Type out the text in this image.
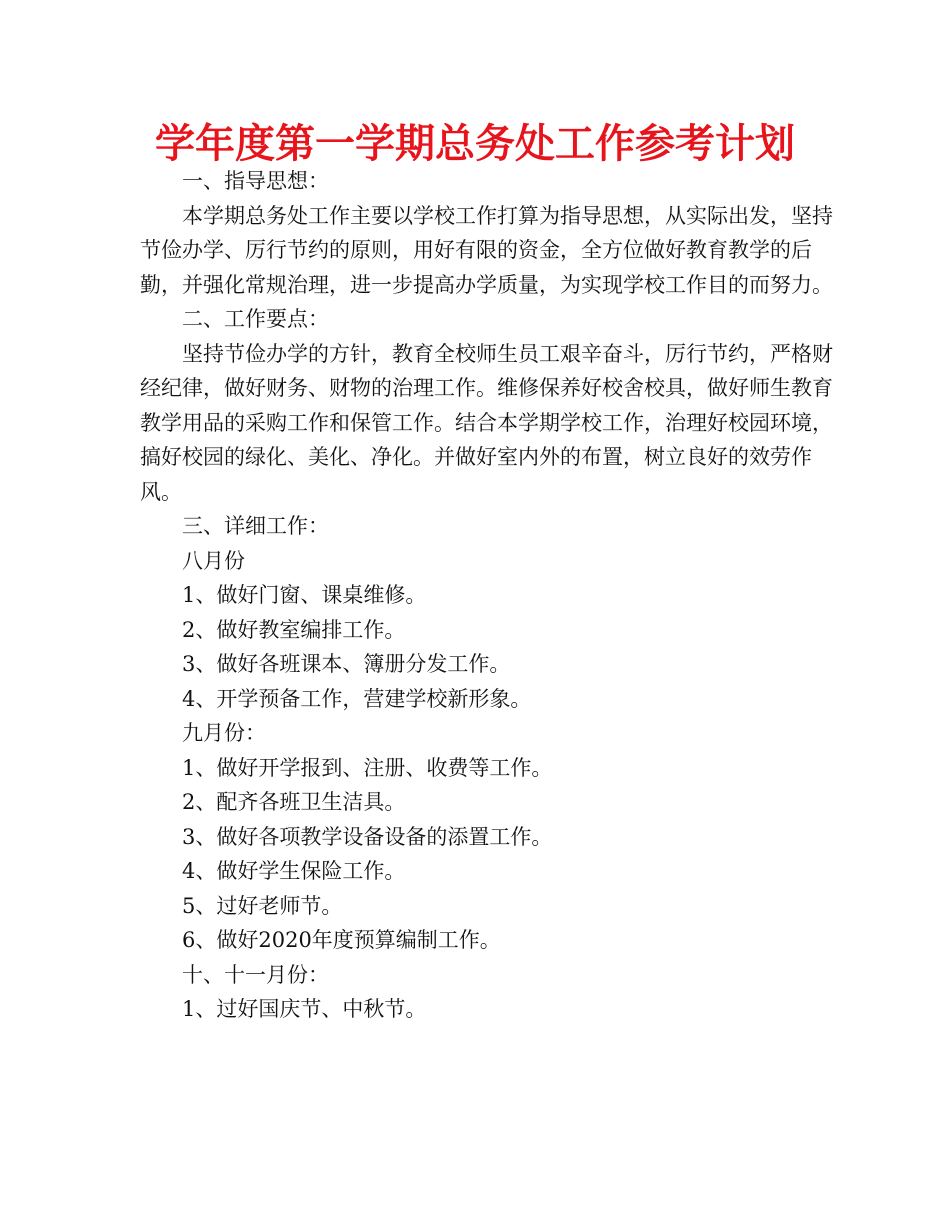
学年度第一学期总务处工作参考计划

一、指导思想：

本学期总务处工作主要以学校工作打算为指导思想，从实际出发，坚持节俭办学、厉行节约的原则，用好有限的资金，全方位做好教育教学的后勤，并强化常规治理，进一步提高办学质量，为实现学校工作目的而努力。

二、工作要点：

坚持节俭办学的方针，教育全校师生员工艰辛奋斗，厉行节约，严格财经纪律，做好财务、财物的治理工作。维修保养好校舍校具，做好师生教育教学用品的采购工作和保管工作。结合本学期学校工作，治理好校园环境，搞好校园的绿化、美化、净化。并做好室内外的布置，树立良好的效劳作风。

三、详细工作：

八月份

1、做好门窗、课桌维修。

2、做好教室编排工作。

3、做好各班课本、簿册分发工作。

4、开学预备工作，营建学校新形象。

九月份：

1、做好开学报到、注册、收费等工作。

2、配齐各班卫生洁具。

3、做好各项教学设备设备的添置工作。

4、做好学生保险工作。

5、过好老师节。

6、做好2020年度预算编制工作。

十、十一月份：

1、过好国庆节、中秋节。
